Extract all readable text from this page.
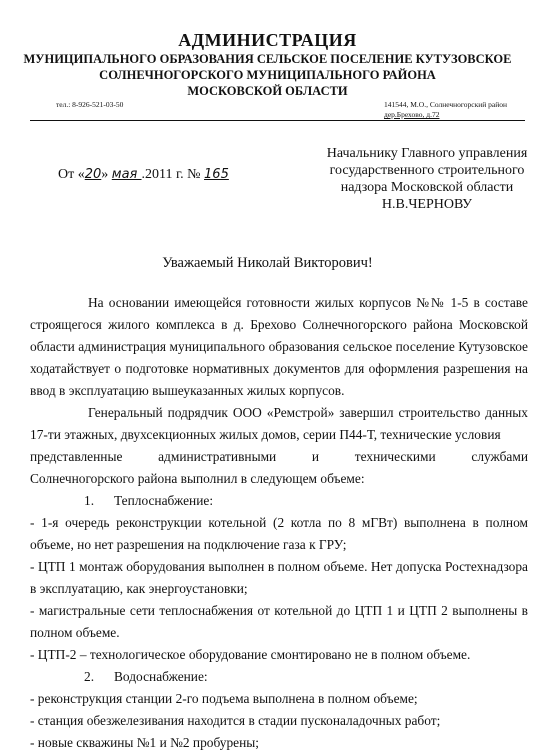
АДМИНИСТРАЦИЯ
МУНИЦИПАЛЬНОГО ОБРАЗОВАНИЯ СЕЛЬСКОЕ ПОСЕЛЕНИЕ КУТУЗОВСКОЕ
СОЛНЕЧНОГОРСКОГО МУНИЦИПАЛЬНОГО РАЙОНА
МОСКОВСКОЙ ОБЛАСТИ
тел.: 8-926-521-03-50	141544, М.О., Солнечногорский район
дер.Брехово, д.72
От «20» мая .2011 г. № 165
Начальнику Главного управления
государственного строительного
надзора Московской области
Н.В.ЧЕРНОВУ
Уважаемый Николай Викторович!

На основании имеющейся готовности жилых корпусов №№ 1-5 в составе строящегося жилого комплекса в д. Брехово Солнечногорского района Московской области администрация муниципального образования сельское поселение Кутузовское ходатайствует о подготовке нормативных документов для оформления разрешения на ввод в эксплуатацию вышеуказанных жилых корпусов.

Генеральный подрядчик ООО «Ремстрой» завершил строительство данных 17-ти этажных, двухсекционных жилых домов, серии П44-Т, технические условия

представленные административными и техническими службами

Солнечногорского района выполнил в следующем объеме:

1. Теплоснабжение:

- 1-я очередь реконструкции котельной (2 котла по 8 мГВт) выполнена в полном объеме, но нет разрешения на подключение газа к ГРУ;

- ЦТП 1 монтаж оборудования выполнен в полном объеме. Нет допуска Ростехнадзора в эксплуатацию, как энергоустановки;

- магистральные сети теплоснабжения от котельной до ЦТП 1 и ЦТП 2 выполнены в полном объеме.

- ЦТП-2 – технологическое оборудование смонтировано не в полном объеме.

2. Водоснабжение:

- реконструкция станции 2-го подъема выполнена в полном объеме;

- станция обезжелезивания находится в стадии пусконаладочных работ;

- новые скважины №1 и №2 пробурены;
